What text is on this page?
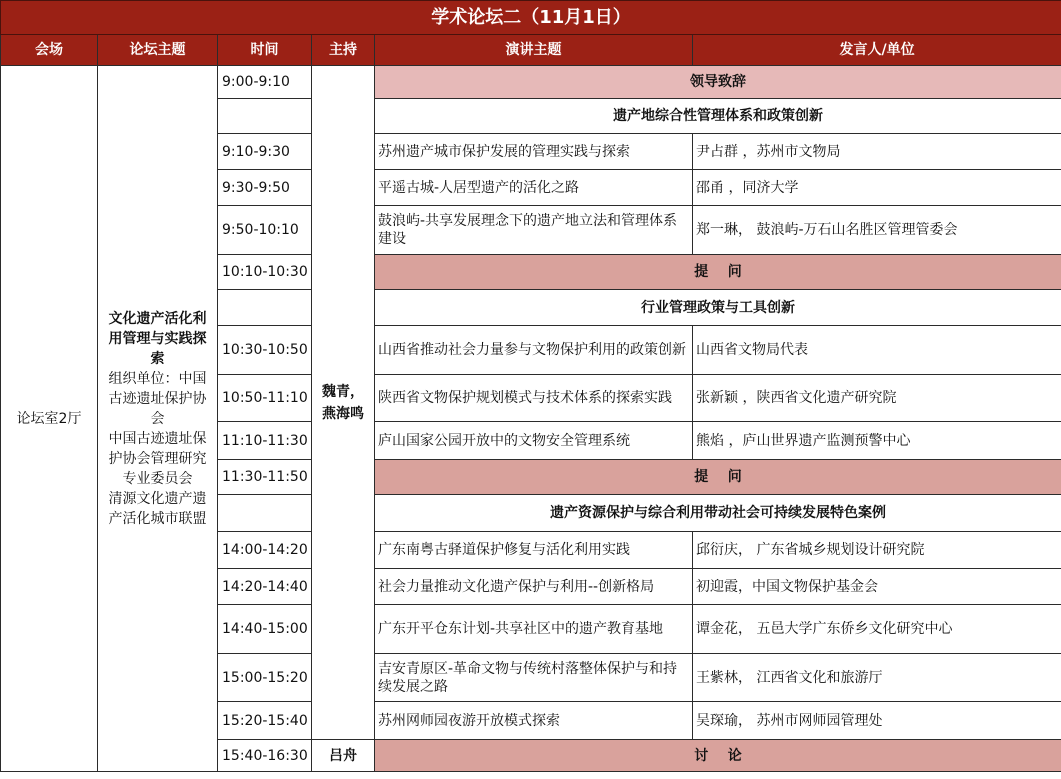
学术论坛二（11月1日）					
会场	论坛主题	时间	主持	演讲主题	发言人/单位
论坛室2厅	文化遗产活化利用管理与实践探索
组织单位：中国古迹遗址保护协会
中国古迹遗址保护协会管理研究专业委员会
清源文化遗产遗产活化城市联盟	9:00-9:10	魏青，燕海鸣	领导致辞	
				遗产地综合性管理体系和政策创新	
		9:10-9:30		苏州遗产城市保护发展的管理实践与探索	尹占群 ，苏州市文物局
		9:30-9:50		平遥古城-人居型遗产的活化之路	邵甬 ，同济大学
		9:50-10:10		鼓浪屿-共享发展理念下的遗产地立法和管理体系建设	郑一琳， 鼓浪屿-万石山名胜区管理管委会
		10:10-10:30		提    问	
				行业管理政策与工具创新	
		10:30-10:50		山西省推动社会力量参与文物保护利用的政策创新	山西省文物局代表
		10:50-11:10		陕西省文物保护规划模式与技术体系的探索实践	张新颖 ，陕西省文化遗产研究院
		11:10-11:30		庐山国家公园开放中的文物安全管理系统	熊焰 ，庐山世界遗产监测预警中心
		11:30-11:50		提    问	
				遗产资源保护与综合利用带动社会可持续发展特色案例	
		14:00-14:20		广东南粤古驿道保护修复与活化利用实践	邱衍庆， 广东省城乡规划设计研究院
		14:20-14:40		社会力量推动文化遗产保护与利用--创新格局	初迎霞，中国文物保护基金会
		14:40-15:00		广东开平仓东计划-共享社区中的遗产教育基地	谭金花， 五邑大学广东侨乡文化研究中心
		15:00-15:20		吉安青原区-革命文物与传统村落整体保护与和持续发展之路	王紫林， 江西省文化和旅游厅
		15:20-15:40		苏州网师园夜游开放模式探索	吴琛瑜， 苏州市网师园管理处
		15:40-16:30	吕舟	讨    论	
